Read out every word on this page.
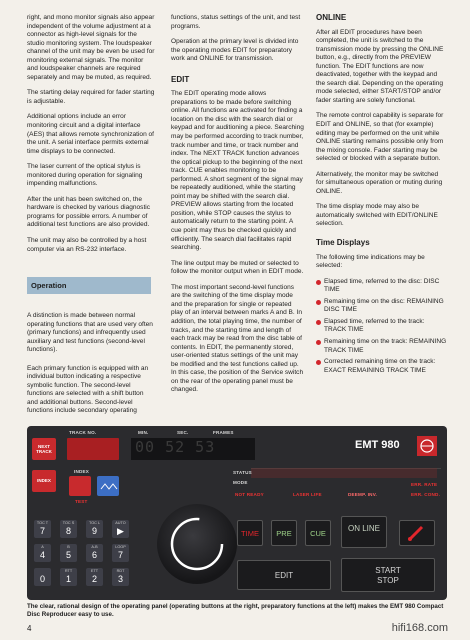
right, and mono monitor signals also appear independent of the volume adjustment at a connector as high-level signals for the studio monitoring system. The loudspeaker channel of the unit may be even be used for monitoring external signals. The monitor and loudspeaker channels are required separately and may be muted, as required.

The starting delay required for fader starting is adjustable.

Additional options include an error monitoring circuit and a digital interface (AES) that allows remote synchronization of the unit. A serial interface permits external time displays to be connected.

The laser current of the optical stylus is monitored during operation for signaling impending malfunctions.

After the unit has been switched on, the hardware is checked by various diagnostic programs for possible errors. A number of additional test functions are also provided.

The unit may also be controlled by a host computer via an RS-232 interface.

Operation

A distinction is made between normal operating functions that are used very often (primary functions) and infrequently used auxiliary and test functions (second-level functions).

Each primary function is equipped with an individual button indicating a respective symbolic function. The second-level functions are selected with a shift button and additional buttons. Second-level functions include secondary operating

functions, status settings of the unit, and test programs.

Operation at the primary level is divided into the operating modes EDIT for preparatory work and ONLINE for transmission.

EDIT

The EDIT operating mode allows preparations to be made before switching online. All functions are activated for finding a location on the disc with the search dial or keypad and for auditioning a piece. Searching may be performed according to track number, track number and time, or track number and index. The NEXT TRACK function advances the optical pickup to the beginning of the next track. CUE enables monitoring to be performed. A short segment of the signal may be repeatedly auditioned, while the starting point may be shifted with the search dial. PREVIEW allows starting from the located position, while STOP causes the stylus to automatically return to the starting point. A cue point may thus be checked quickly and efficiently. The search dial facilitates rapid searching.

The line output may be muted or selected to follow the monitor output when in EDIT mode.

The most important second-level functions are the switching of the time display mode and the preparation for single or repeated play of an interval between marks A and B. In addition, the total playing time, the number of tracks, and the starting time and length of each track may be read from the disc table of contents. In EDIT, the permanently stored, user-oriented status settings of the unit may be modified and the test functions called up. In this case, the position of the Service switch on the rear of the operating panel must be changed.

ONLINE

After all EDIT procedures have been completed, the unit is switched to the transmission mode by pressing the ONLINE button, e.g., directly from the PREVIEW function. The EDIT functions are now deactivated, together with the keypad and the search dial. Depending on the operating mode selected, either START/STOP and/or fader starting are solely functional.

The remote control capability is separate for EDIT and ONLINE, so that (for example) editing may be performed on the unit while ONLINE starting remains possible only from the mixing console. Fader starting may be selected or blocked with a separate button.

Alternatively, the monitor may be switched for simultaneous operation or muting during ONLINE.

The time display mode may also be automatically switched with EDIT/ONLINE selection.

Time Displays

The following time indications may be selected:

Elapsed time, referred to the disc: DISC TIME
Remaining time on the disc: REMAINING DISC TIME
Elapsed time, referred to the track: TRACK TIME
Remaining time on the track: REMAINING TRACK TIME
Corrected remaining time on the track: EXACT REMAINING TRACK TIME
TRACK NO.	MIN.	SEC.	FRAMES
00 52 53	EMT 980
NEXT TRACK
INDEX
INDEX
TEST
TOC T
7
TOC S
8
TOC L
9
AUTO
▶
A
4
B
5
A-B
6
LOOP
7
0
RTT
1
ETT
2
RDT
3
STATUS
MODE
NOT READY	LASER LIFE	DEEMP. INV.
ERR. RATE
ERR. COND.
TIME	PRE	CUE
ON LINE
EDIT
START STOP
The clear, rational design of the operating panel (operating buttons at the right, preparatory functions at the left) makes the EMT 980 Compact Disc Reproducer easy to use.
4	hifi168.com
